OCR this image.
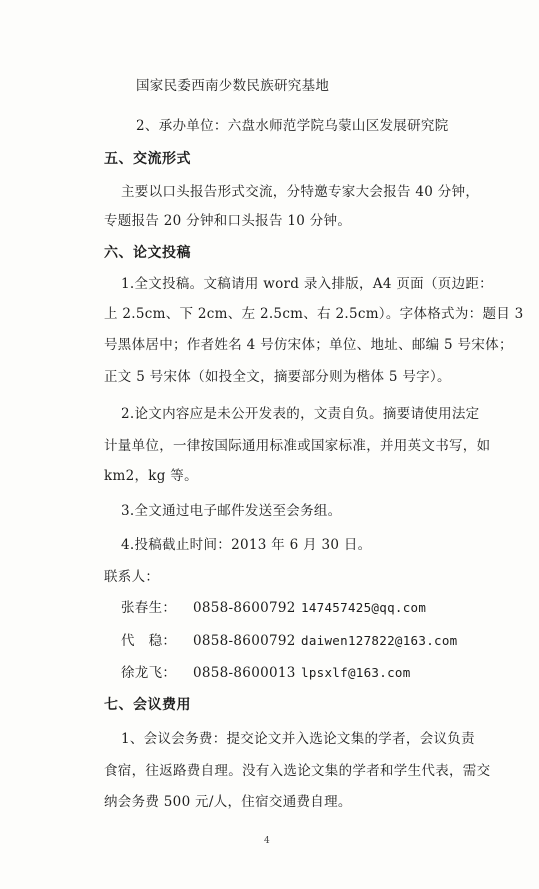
国家民委西南少数民族研究基地
2、承办单位：六盘水师范学院乌蒙山区发展研究院
五、交流形式
主要以口头报告形式交流，分特邀专家大会报告 40 分钟，
专题报告 20 分钟和口头报告 10 分钟。
六、论文投稿
1.全文投稿。文稿请用 word 录入排版，A4 页面（页边距：
上 2.5cm、下 2cm、左 2.5cm、右 2.5cm）。字体格式为：题目 3
号黑体居中；作者姓名 4 号仿宋体；单位、地址、邮编 5 号宋体；
正文 5 号宋体（如投全文，摘要部分则为楷体 5 号字）。
2.论文内容应是未公开发表的，文责自负。摘要请使用法定
计量单位，一律按国际通用标准或国家标准，并用英文书写，如
km2，kg 等。
3.全文通过电子邮件发送至会务组。
4.投稿截止时间：2013 年 6 月 30 日。
联系人：
张春生： 0858-8600792 147457425@qq.com
代　稳： 0858-8600792 daiwen127822@163.com
徐龙飞： 0858-8600013 lpsxlf@163.com
七、会议费用
1、会议会务费：提交论文并入选论文集的学者，会议负责
食宿，往返路费自理。没有入选论文集的学者和学生代表，需交
纳会务费 500 元/人，住宿交通费自理。
4
